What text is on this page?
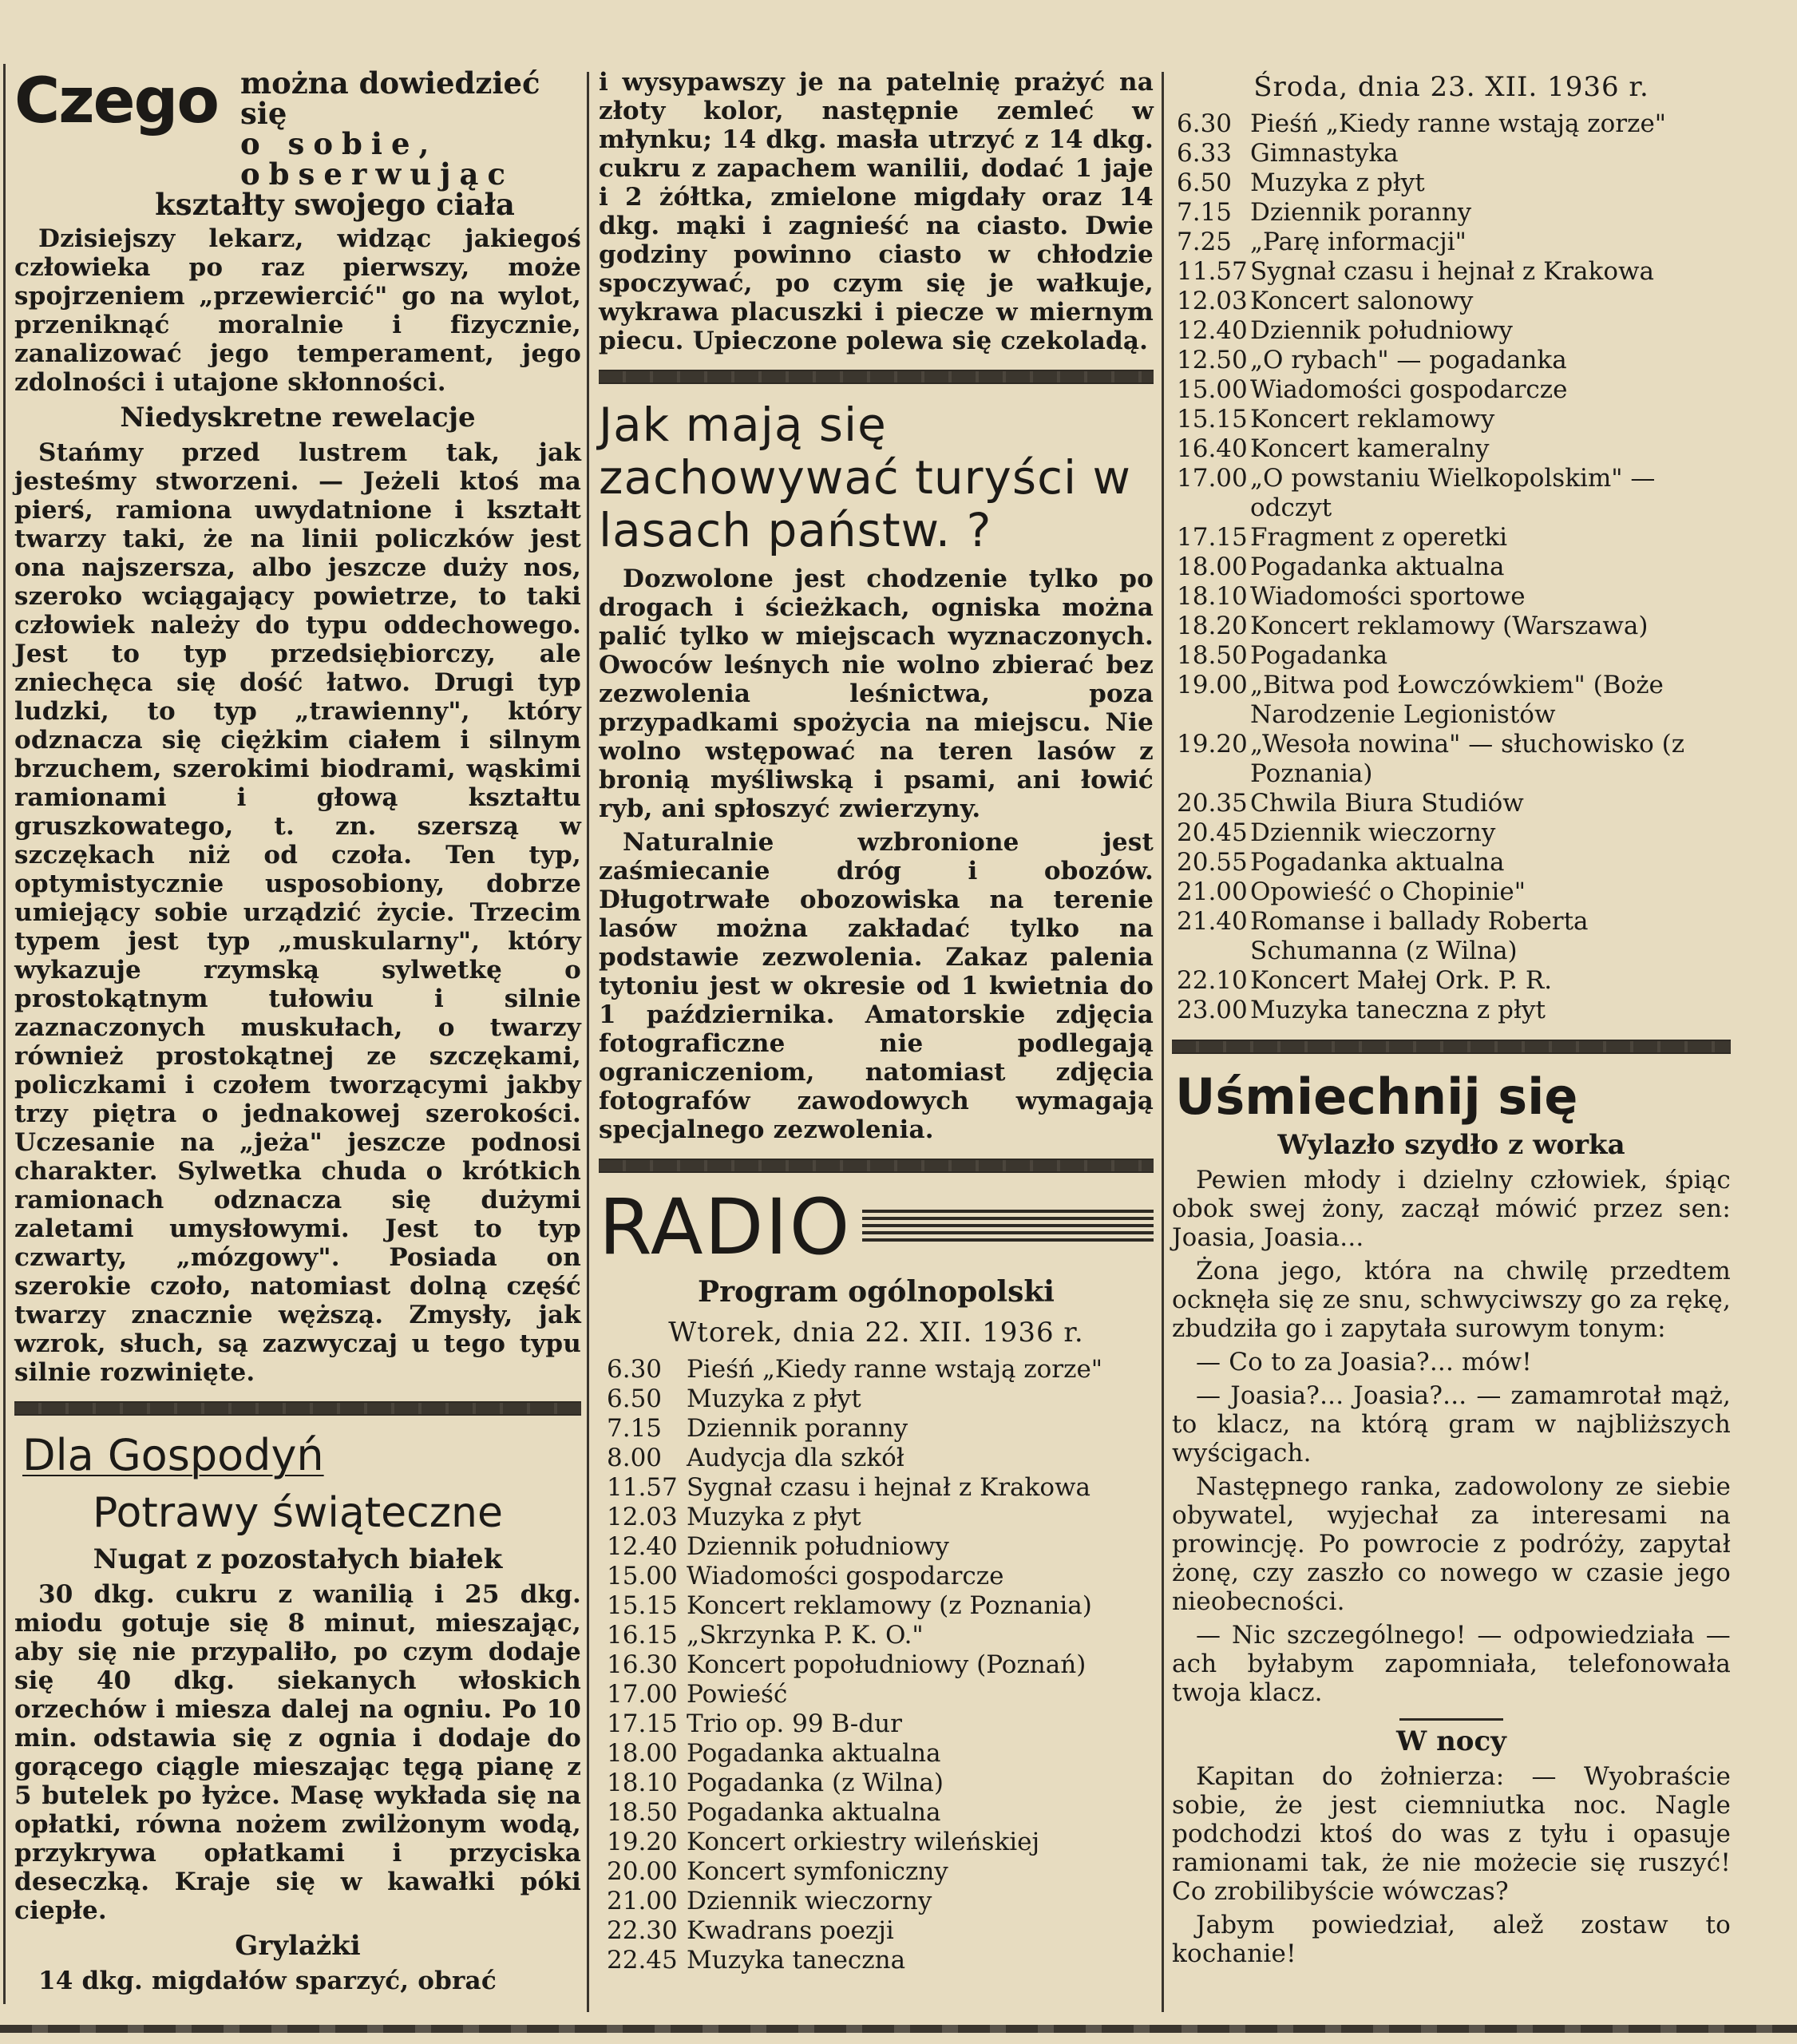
Czego można dowiedzieć się
o sobie, obserwując
kształty swojego ciała

Dzisiejszy lekarz, widząc jakiegoś człowieka po raz pierwszy, może spojrzeniem „przewiercić" go na wylot, przeniknąć moralnie i fizycznie, zanalizować jego temperament, jego zdolności i utajone skłonności.

Niedyskretne rewelacje

Stańmy przed lustrem tak, jak jesteśmy stworzeni. — Jeżeli ktoś ma pierś, ramiona uwydatnione i kształt twarzy taki, że na linii policzków jest ona najszersza, albo jeszcze duży nos, szeroko wciągający powietrze, to taki człowiek należy do typu oddechowego. Jest to typ przedsiębiorczy, ale zniechęca się dość łatwo. Drugi typ ludzki, to typ „trawienny", który odznacza się ciężkim ciałem i silnym brzuchem, szerokimi biodrami, wąskimi ramionami i głową kształtu gruszkowatego, t. zn. szerszą w szczękach niż od czoła. Ten typ, optymistycznie usposobiony, dobrze umiejący sobie urządzić życie. Trzecim typem jest typ „muskularny", który wykazuje rzymską sylwetkę o prostokątnym tułowiu i silnie zaznaczonych muskułach, o twarzy również prostokątnej ze szczękami, policzkami i czołem tworzącymi jakby trzy piętra o jednakowej szerokości. Uczesanie na „jeża" jeszcze podnosi charakter. Sylwetka chuda o krótkich ramionach odznacza się dużymi zaletami umysłowymi. Jest to typ czwarty, „mózgowy". Posiada on szerokie czoło, natomiast dolną część twarzy znacznie węższą. Zmysły, jak wzrok, słuch, są zazwyczaj u tego typu silnie rozwinięte.

Dla Gospodyń
Potrawy świąteczne
Nugat z pozostałych białek

30 dkg. cukru z wanilią i 25 dkg. miodu gotuje się 8 minut, mieszając, aby się nie przypaliło, po czym dodaje się 40 dkg. siekanych włoskich orzechów i miesza dalej na ogniu. Po 10 min. odstawia się z ognia i dodaje do gorącego ciągle mieszając tęgą pianę z 5 butelek po łyżce. Masę wykłada się na opłatki, równa nożem zwilżonym wodą, przykrywa opłatkami i przyciska deseczką. Kraje się w kawałki póki ciepłe.

Grylażki

14 dkg. migdałów sparzyć, obrać

i wysypawszy je na patelnię prażyć na złoty kolor, następnie zemleć w młynku; 14 dkg. masła utrzyć z 14 dkg. cukru z zapachem wanilii, dodać 1 jaje i 2 żółtka, zmielone migdały oraz 14 dkg. mąki i zagnieść na ciasto. Dwie godziny powinno ciasto w chłodzie spoczywać, po czym się je wałkuje, wykrawa placuszki i piecze w miernym piecu. Upieczone polewa się czekoladą.

Jak mają się zachowywać turyści w lasach państw. ?

Dozwolone jest chodzenie tylko po drogach i ścieżkach, ogniska można palić tylko w miejscach wyznaczonych. Owoców leśnych nie wolno zbierać bez zezwolenia leśnictwa, poza przypadkami spożycia na miejscu. Nie wolno wstępować na teren lasów z bronią myśliwską i psami, ani łowić ryb, ani spłoszyć zwierzyny.

Naturalnie wzbronione jest zaśmiecanie dróg i obozów. Długotrwałe obozowiska na terenie lasów można zakładać tylko na podstawie zezwolenia. Zakaz palenia tytoniu jest w okresie od 1 kwietnia do 1 października. Amatorskie zdjęcia fotograficzne nie podlegają ograniczeniom, natomiast zdjęcia fotografów zawodowych wymagają specjalnego zezwolenia.

RADIO
Program ogólnopolski
Wtorek, dnia 22. XII. 1936 r.
6.30 Pieśń „Kiedy ranne wstają zorze"
6.50 Muzyka z płyt
7.15 Dziennik poranny
8.00 Audycja dla szkół
11.57 Sygnał czasu i hejnał z Krakowa
12.03 Muzyka z płyt
12.40 Dziennik południowy
15.00 Wiadomości gospodarcze
15.15 Koncert reklamowy (z Poznania)
16.15 „Skrzynka P. K. O."
16.30 Koncert popołudniowy (Poznań)
17.00 Powieść
17.15 Trio op. 99 B-dur
18.00 Pogadanka aktualna
18.10 Pogadanka (z Wilna)
18.50 Pogadanka aktualna
19.20 Koncert orkiestry wileńskiej
20.00 Koncert symfoniczny
21.00 Dziennik wieczorny
22.30 Kwadrans poezji
22.45 Muzyka taneczna
Środa, dnia 23. XII. 1936 r.
6.30 Pieśń „Kiedy ranne wstają zorze"
6.33 Gimnastyka
6.50 Muzyka z płyt
7.15 Dziennik poranny
7.25 „Parę informacji"
11.57 Sygnał czasu i hejnał z Krakowa
12.03 Koncert salonowy
12.40 Dziennik południowy
12.50 „O rybach" — pogadanka
15.00 Wiadomości gospodarcze
15.15 Koncert reklamowy
16.40 Koncert kameralny
17.00 „O powstaniu Wielkopolskim" — odczyt
17.15 Fragment z operetki
18.00 Pogadanka aktualna
18.10 Wiadomości sportowe
18.20 Koncert reklamowy (Warszawa)
18.50 Pogadanka
19.00 „Bitwa pod Łowczówkiem" (Boże Narodzenie Legionistów
19.20 „Wesoła nowina" — słuchowisko (z Poznania)
20.35 Chwila Biura Studiów
20.45 Dziennik wieczorny
20.55 Pogadanka aktualna
21.00 Opowieść o Chopinie"
21.40 Romanse i ballady Roberta Schumanna (z Wilna)
22.10 Koncert Małej Ork. P. R.
23.00 Muzyka taneczna z płyt
Uśmiechnij się
Wylazło szydło z worka

Pewien młody i dzielny człowiek, śpiąc obok swej żony, zaczął mówić przez sen: Joasia, Joasia...

Żona jego, która na chwilę przedtem ocknęła się ze snu, schwyciwszy go za rękę, zbudziła go i zapytała surowym tonym:

— Co to za Joasia?... mów!

— Joasia?... Joasia?... — zamamrotał mąż, to klacz, na którą gram w najbliższych wyścigach.

Następnego ranka, zadowolony ze siebie obywatel, wyjechał za interesami na prowincję. Po powrocie z podróży, zapytał żonę, czy zaszło co nowego w czasie jego nieobecności.

— Nic szczególnego! — odpowiedziała — ach byłabym zapomniała, telefonowała twoja klacz.

W nocy

Kapitan do żołnierza: — Wyobraście sobie, że jest ciemniutka noc. Nagle podchodzi ktoś do was z tyłu i opasuje ramionami tak, że nie możecie się ruszyć! Co zrobilibyście wówczas?

Jabym powiedział, alež zostaw to kochanie!
